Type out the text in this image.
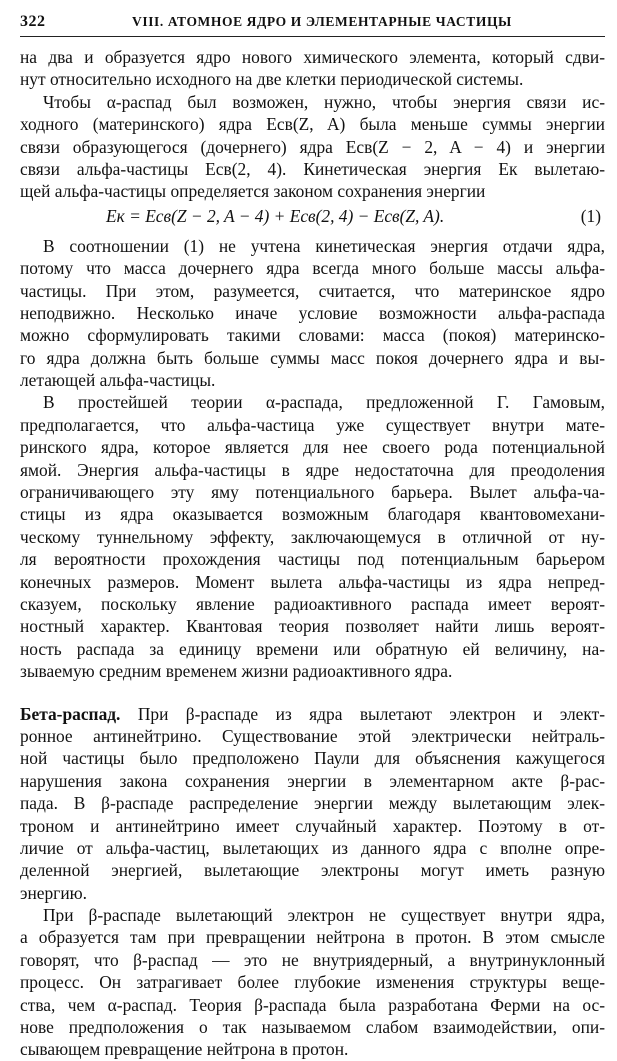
322	VIII. АТОМНОЕ ЯДРО И ЭЛЕМЕНТАРНЫЕ ЧАСТИЦЫ
на два и образуется ядро нового химического элемента, который сдви-
нут относительно исходного на две клетки периодической системы.
Чтобы α-распад был возможен, нужно, чтобы энергия связи ис-
ходного (материнского) ядра Eсв(Z, A) была меньше суммы энергии
связи образующегося (дочернего) ядра Eсв(Z − 2, A − 4) и энергии
связи альфа-частицы Eсв(2, 4). Кинетическая энергия Eк вылетаю-
щей альфа-частицы определяется законом сохранения энергии
Eк = Eсв(Z − 2, A − 4) + Eсв(2, 4) − Eсв(Z, A).	(1)
В соотношении (1) не учтена кинетическая энергия отдачи ядра,
потому что масса дочернего ядра всегда много больше массы альфа-
частицы. При этом, разумеется, считается, что материнское ядро
неподвижно. Несколько иначе условие возможности альфа-распада
можно сформулировать такими словами: масса (покоя) материнско-
го ядра должна быть больше суммы масс покоя дочернего ядра и вы-
летающей альфа-частицы.
В простейшей теории α-распада, предложенной Г. Гамовым,
предполагается, что альфа-частица уже существует внутри мате-
ринского ядра, которое является для нее своего рода потенциальной
ямой. Энергия альфа-частицы в ядре недостаточна для преодоления
ограничивающего эту яму потенциального барьера. Вылет альфа-ча-
стицы из ядра оказывается возможным благодаря квантовомехани-
ческому туннельному эффекту, заключающемуся в отличной от ну-
ля вероятности прохождения частицы под потенциальным барьером
конечных размеров. Момент вылета альфа-частицы из ядра непред-
сказуем, поскольку явление радиоактивного распада имеет вероят-
ностный характер. Квантовая теория позволяет найти лишь вероят-
ность распада за единицу времени или обратную ей величину, на-
зываемую средним временем жизни радиоактивного ядра.
Бета-распад. При β-распаде из ядра вылетают электрон и элект-
ронное антинейтрино. Существование этой электрически нейтраль-
ной частицы было предположено Паули для объяснения кажущегося
нарушения закона сохранения энергии в элементарном акте β-рас-
пада. В β-распаде распределение энергии между вылетающим элек-
троном и антинейтрино имеет случайный характер. Поэтому в от-
личие от альфа-частиц, вылетающих из данного ядра с вполне опре-
деленной энергией, вылетающие электроны могут иметь разную
энергию.
При β-распаде вылетающий электрон не существует внутри ядра,
а образуется там при превращении нейтрона в протон. В этом смысле
говорят, что β-распад — это не внутриядерный, а внутринуклонный
процесс. Он затрагивает более глубокие изменения структуры веще-
ства, чем α-распад. Теория β-распада была разработана Ферми на ос-
нове предположения о так называемом слабом взаимодействии, опи-
сывающем превращение нейтрона в протон.
